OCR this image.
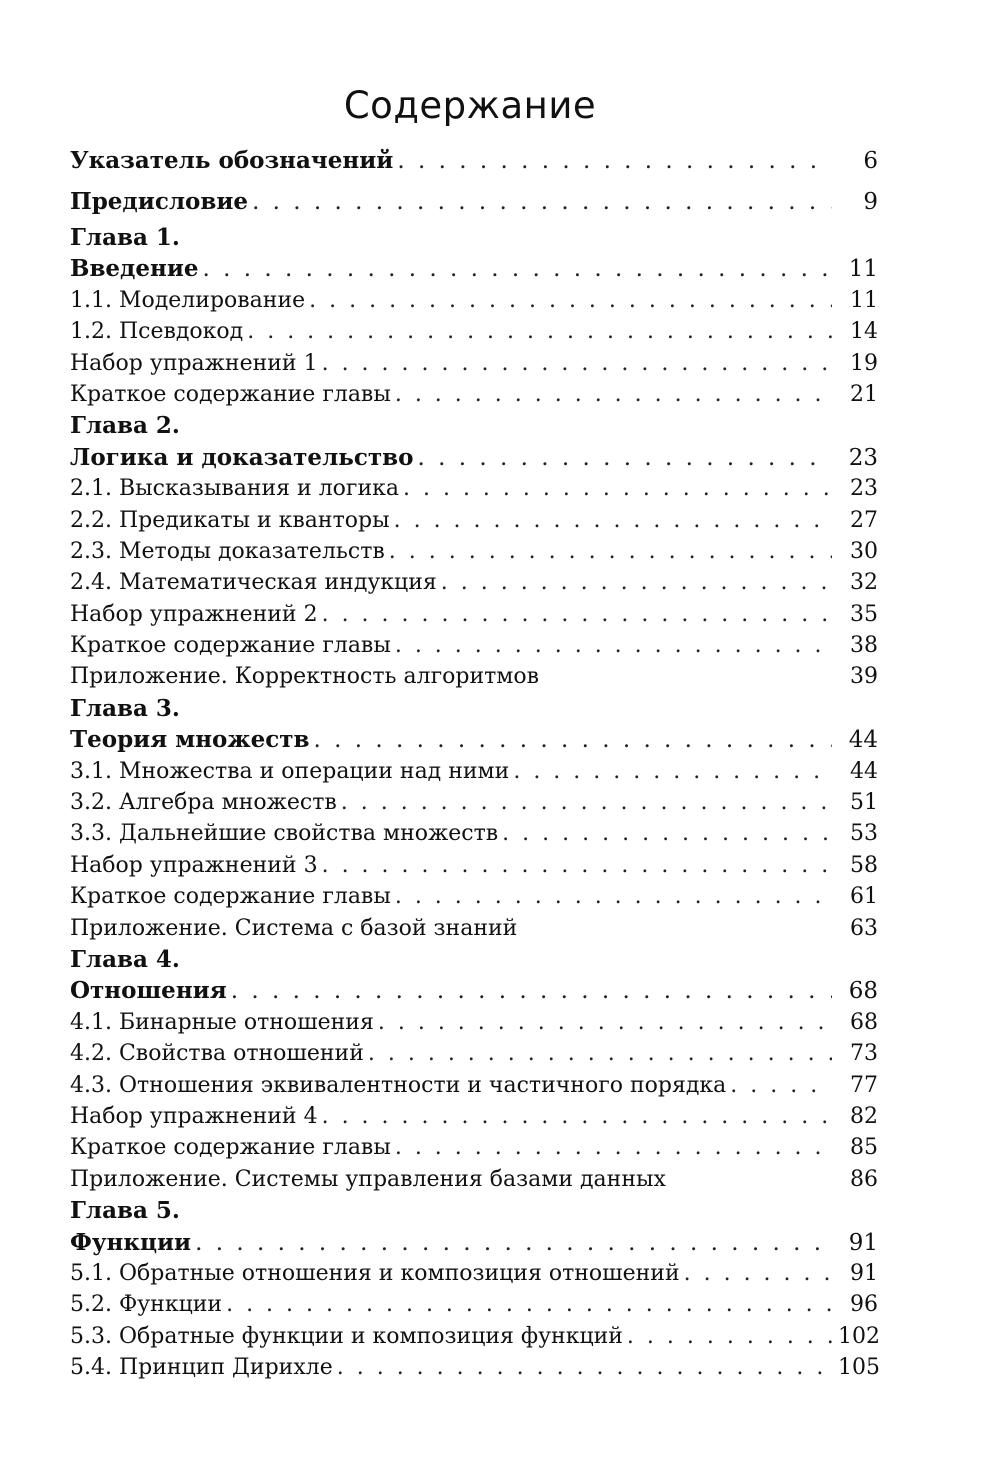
Содержание
Указатель обозначений . . .	6
Предисловие . . .	9
Глава 1.
Введение . . .	11
1.1. Моделирование . . .	11
1.2. Псевдокод . . .	14
Набор упражнений 1 . . .	19
Краткое содержание главы . . .	21
Глава 2.
Логика и доказательство . . .	23
2.1. Высказывания и логика . . .	23
2.2. Предикаты и кванторы . . .	27
2.3. Методы доказательств . . .	30
2.4. Математическая индукция . . .	32
Набор упражнений 2 . . .	35
Краткое содержание главы . . .	38
Приложение. Корректность алгоритмов	39
Глава 3.
Теория множеств . . .	44
3.1. Множества и операции над ними . . .	44
3.2. Алгебра множеств . . .	51
3.3. Дальнейшие свойства множеств . . .	53
Набор упражнений 3 . . .	58
Краткое содержание главы . . .	61
Приложение. Система с базой знаний	63
Глава 4.
Отношения . . .	68
4.1. Бинарные отношения . . .	68
4.2. Свойства отношений . . .	73
4.3. Отношения эквивалентности и частичного порядка . . .	77
Набор упражнений 4 . . .	82
Краткое содержание главы . . .	85
Приложение. Системы управления базами данных	86
Глава 5.
Функции . . .	91
5.1. Обратные отношения и композиция отношений . . .	91
5.2. Функции . . .	96
5.3. Обратные функции и композиция функций . . .	102
5.4. Принцип Дирихле . . .	105
